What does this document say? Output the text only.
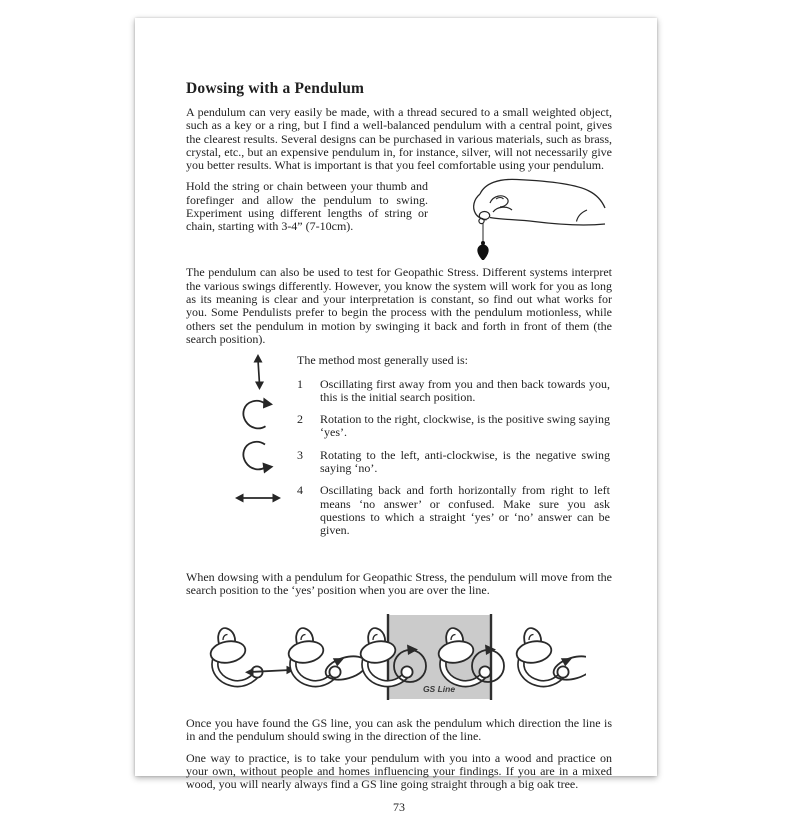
Dowsing with a Pendulum

A pendulum can very easily be made, with a thread secured to a small weighted object, such as a key or a ring, but I find a well-balanced pendulum with a central point, gives the clearest results. Several designs can be purchased in various materials, such as brass, crystal, etc., but an expensive pendulum in, for instance, silver, will not necessarily give you better results. What is important is that you feel comfortable using your pendulum.

Hold the string or chain between your thumb and forefinger and allow the pendulum to swing. Experiment using different lengths of string or chain, starting with 3-4” (7-10cm).

The pendulum can also be used to test for Geopathic Stress. Different systems interpret the various swings differently. However, you know the system will work for you as long as its meaning is clear and your interpretation is constant, so find out what works for you. Some Pendulists prefer to begin the process with the pendulum motionless, while others set the pendulum in motion by swinging it back and forth in front of them (the search position).

The method most generally used is:

1	Oscillating first away from you and then back towards you, this is the initial search position.
2	Rotation to the right, clockwise, is the positive swing saying ‘yes’.
3	Rotating to the left, anti-clockwise, is the negative swing saying ‘no’.
4	Oscillating back and forth horizontally from right to left means ‘no answer’ or confused. Make sure you ask questions to which a straight ‘yes’ or ‘no’ answer can be given.

When dowsing with a pendulum for Geopathic Stress, the pendulum will move from the search position to the ‘yes’ position when you are over the line.

GS Line

Once you have found the GS line, you can ask the pendulum which direction the line is in and the pendulum should swing in the direction of the line.

One way to practice, is to take your pendulum with you into a wood and practice on your own, without people and homes influencing your findings. If you are in a mixed wood, you will nearly always find a GS line going straight through a big oak tree.

73
